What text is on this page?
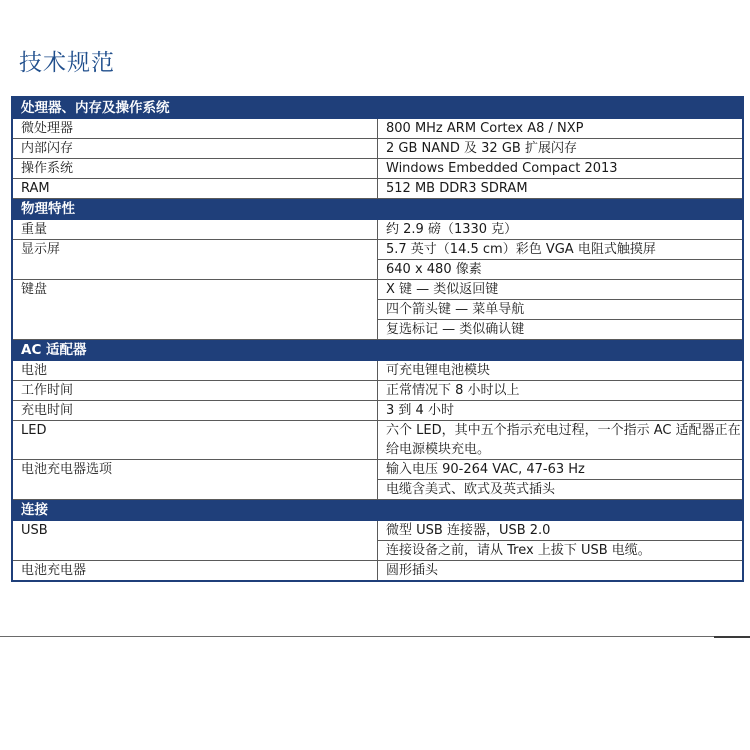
技术规范
处理器、内存及操作系统	
微处理器	800 MHz ARM Cortex A8 / NXP

内部闪存	2 GB NAND 及 32 GB 扩展闪存

操作系统	Windows Embedded Compact 2013

RAM	512 MB DDR3 SDRAM

物理特性	
重量	约 2.9 磅（1330 克）

显示屏	5.7 英寸（14.5 cm）彩色 VGA 电阻式触摸屏
640 x 480 像素

键盘	X 键 — 类似返回键
四个箭头键 — 菜单导航
复选标记 — 类似确认键

AC 适配器	
电池	可充电锂电池模块

工作时间	正常情况下 8 小时以上

充电时间	3 到 4 小时

LED	六个 LED，其中五个指示充电过程，一个指示 AC 适配器正在给电源模块充电。

电池充电器选项	输入电压 90-264 VAC, 47-63 Hz
电缆含美式、欧式及英式插头

连接	
USB	微型 USB 连接器，USB 2.0
连接设备之前，请从 Trex 上拔下 USB 电缆。

电池充电器	圆形插头
